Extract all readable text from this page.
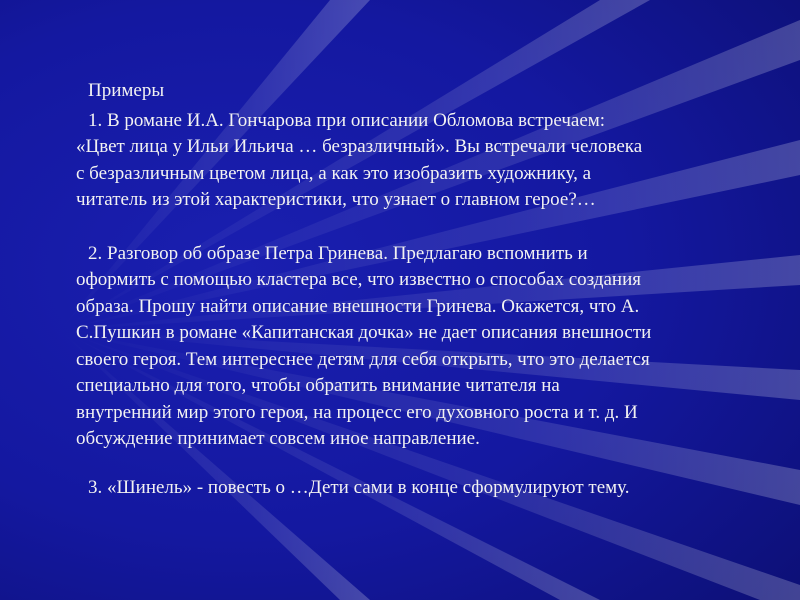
Примеры

1. В романе И.А. Гончарова при описании Обломова встречаем:
«Цвет лица у Ильи Ильича … безразличный». Вы встречали человека
с безразличным цветом лица, а как это изобразить художнику, а
читатель из этой характеристики, что узнает о главном герое?…
2. Разговор об образе Петра Гринева. Предлагаю вспомнить и
оформить с помощью кластера все, что известно о способах создания
образа. Прошу найти описание внешности Гринева. Окажется, что А.
С.Пушкин в романе «Капитанская дочка» не дает описания внешности
своего героя. Тем интереснее детям для себя открыть, что это делается
специально для того, чтобы обратить внимание читателя на
внутренний мир этого героя, на процесс его духовного роста и т. д. И
обсуждение принимает совсем иное направление.
3. «Шинель» - повесть о …Дети сами в конце сформулируют тему.
